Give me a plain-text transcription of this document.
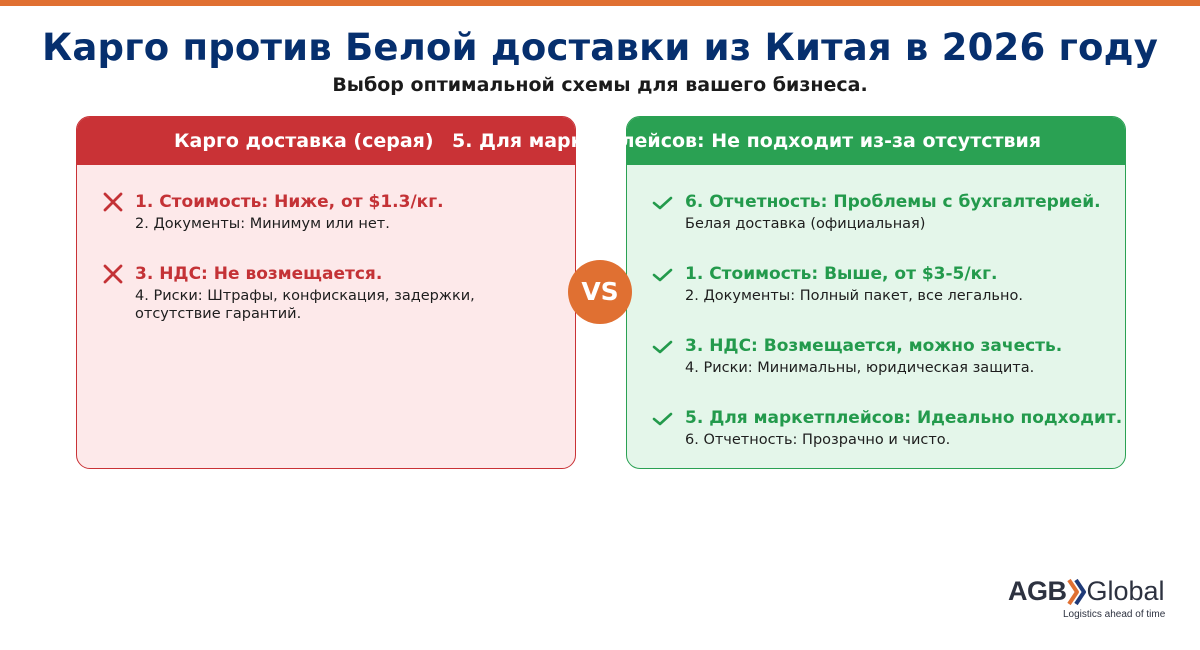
Карго против Белой доставки из Китая в 2026 году
Выбор оптимальной схемы для вашего бизнеса.
Карго доставка (серая) 5. Для маркетплейсов: Не подходит из-за отсутствия
1. Стоимость: Ниже, от $1.3/кг.
2. Документы: Минимум или нет.
3. НДС: Не возмещается.
4. Риски: Штрафы, конфискация, задержки, отсутствие гарантий.
6. Отчетность: Проблемы с бухгалтерией.
Белая доставка (официальная)
1. Стоимость: Выше, от $3-5/кг.
2. Документы: Полный пакет, все легально.
3. НДС: Возмещается, можно зачесть.
4. Риски: Минимальны, юридическая защита.
5. Для маркетплейсов: Идеально подходит.
6. Отчетность: Прозрачно и чисто.
VS
AGB Global
Logistics ahead of time
